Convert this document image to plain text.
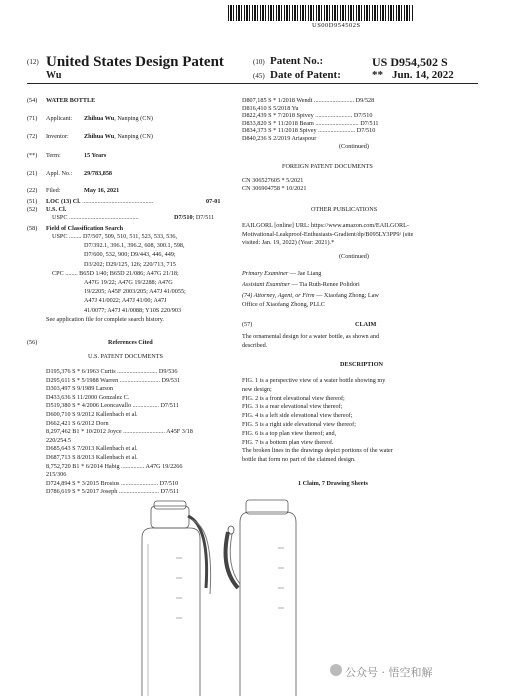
US00D954502S
(12) United States Design Patent
Wu
(10) Patent No.:	US D954,502 S
(45) Date of Patent:	** Jun. 14, 2022
(54) WATER BOTTLE
(71) Applicant: Zhihua Wu, Nanping (CN)
(72) Inventor: Zhihua Wu, Nanping (CN)
(**) Term:	15 Years
(21) Appl. No.: 29/783,858
(22) Filed:	May 16, 2021
(51) LOC (13) Cl. ..............................................	07-01
(52) U.S. Cl.
USPC .............................................	D7/510; D7/511
(58) Field of Classification Search
USPC ........ D7/507, 509, 510, 511, 523, 533, 536,
D7/392.1, 396.1, 396.2, 608, 300.1, 598,
D7/600, 532, 900; D9/443, 446, 449;
D3/202; D29/125, 126; 220/713, 715
CPC ........ B65D 1/40; B65D 21/086; A47G 21/18;
A47G 19/22; A47G 19/2288; A47G
19/2205; A45F 2003/205; A47J 41/0055;
A47J 41/0022; A47J 41/00; A47J
41/0077; A47J 41/0088; Y10S 220/903
See application file for complete search history.
(56)	References Cited
U.S. PATENT DOCUMENTS
D195,376 S * 6/1963 Curtis .......................... D9/536
D295,611 S * 5/1988 Warren .......................... D9/531
D303,497 S 9/1989 Larson
D433,636 S 11/2000 Gonzalez C.
D519,380 S * 4/2006 Leoncavallo ................. D7/511
D600,710 S 9/2012 Kallenbach et al.
D662,421 S 6/2012 Dorn
8,297,462 B1 * 10/2012 Joyce ........................... A45F 3/18
220/254.5
D685,643 S 7/2013 Kallenbach et al.
D687,713 S 8/2013 Kallenbach et al.
8,752,720 B1 * 6/2014 Habig ............... A47G 19/2266
215/306
D724,894 S * 3/2015 Brosius ........................ D7/510
D786,619 S * 5/2017 Joseph .......................... D7/511
D807,185 S * 1/2018 Wendt .......................... D9/528
D816,410 S 5/2018 Yu
D822,439 S * 7/2018 Spivey ........................ D7/510
D833,820 S * 11/2018 Beam ............................ D7/511
D834,373 S * 11/2018 Spivey ........................ D7/510
D840,236 S 2/2019 Ariaspour
(Continued)
FOREIGN PATENT DOCUMENTS
CN 306527605 * 5/2021
CN 306904758 * 10/2021
OTHER PUBLICATIONS
EAILGORL [online] URL: https://www.amazon.com/EAILGORL-
Motivational-Leakproof-Enthusiasts-Gradient/dp/B095LY3PP9/ (site
visited: Jan. 19, 2022) (Year: 2021).*
(Continued)
Primary Examiner — Jae Liang
Assistant Examiner — Tia Ruth-Renee Polidori
(74) Attorney, Agent, or Firm — Xiaofang Zhong; Law
Office of Xiaofang Zhong, PLLC
(57)	CLAIM
The ornamental design for a water bottle, as shown and
described.
DESCRIPTION
FIG. 1 is a perspective view of a water bottle showing my
new design;
FIG. 2 is a front elevational view thereof;
FIG. 3 is a rear elevational view thereof;
FIG. 4 is a left side elevational view thereof;
FIG. 5 is a right side elevational view thereof;
FIG. 6 is a top plan view thereof; and,
FIG. 7 is a bottom plan view thereof.
The broken lines in the drawings depict portions of the water
bottle that form no part of the claimed design.
1 Claim, 7 Drawing Sheets
公众号 · 悟空和解
